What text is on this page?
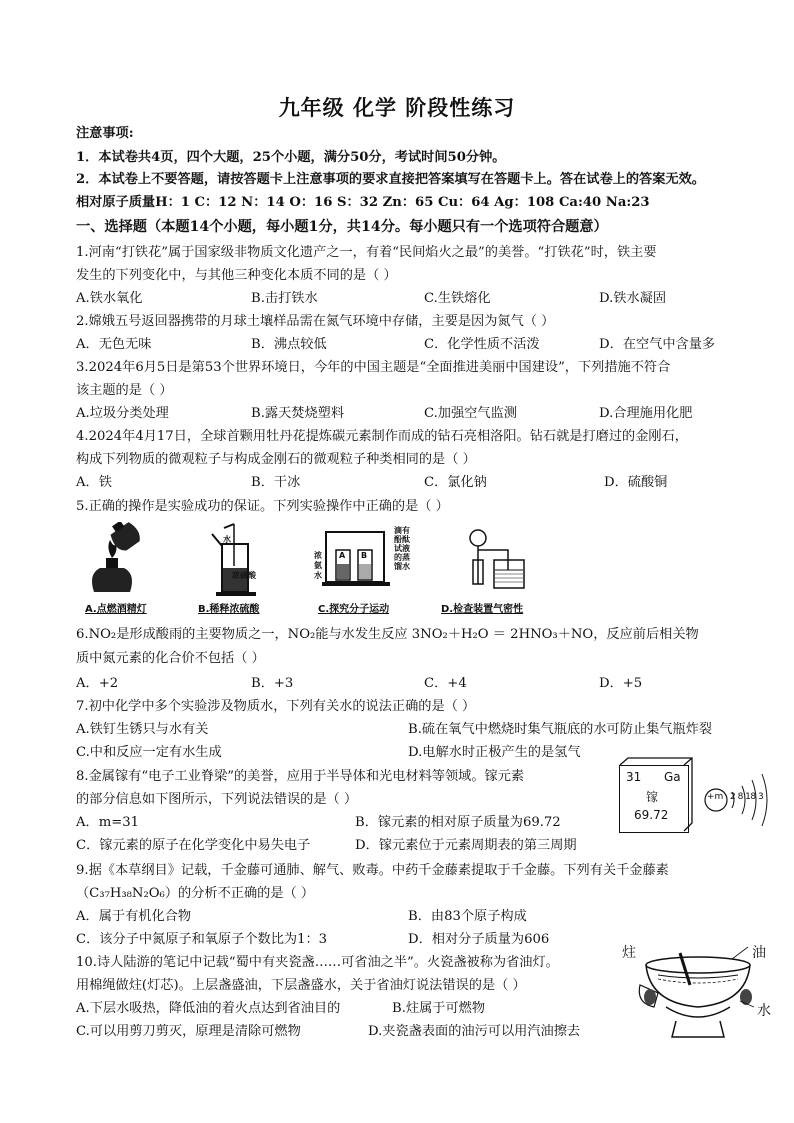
九年级 化学 阶段性练习
注意事项:
1．本试卷共4页，四个大题，25个小题，满分50分，考试时间50分钟。
2．本试卷上不要答题，请按答题卡上注意事项的要求直接把答案填写在答题卡上。答在试卷上的答案无效。
相对原子质量H：1 C：12 N：14 O：16 S：32 Zn：65 Cu：64 Ag：108 Ca:40 Na:23
一、选择题（本题14个小题，每小题1分，共14分。每小题只有一个选项符合题意）
1.河南“打铁花”属于国家级非物质文化遗产之一，有着“民间焰火之最”的美誉。“打铁花”时，铁主要
发生的下列变化中，与其他三种变化本质不同的是（ ）
A.铁水氧化	B.击打铁水	C.生铁熔化	D.铁水凝固
2.嫦娥五号返回器携带的月球土壤样品需在氮气环境中存储，主要是因为氮气（ ）
A．无色无味	B．沸点较低	C．化学性质不活泼	D．在空气中含量多
3.2024年6月5日是第53个世界环境日，今年的中国主题是“全面推进美丽中国建设”，下列措施不符合
该主题的是（ ）
A.垃圾分类处理	B.露天焚烧塑料	C.加强空气监测	D.合理施用化肥
4.2024年4月17日，全球首颗用牡丹花提炼碳元素制作而成的钻石亮相洛阳。钻石就是打磨过的金刚石，
构成下列物质的微观粒子与构成金刚石的微观粒子种类相同的是（ ）
A．铁	B．干冰	C．氯化钠	D．硫酸铜
5.正确的操作是实验成功的保证。下列实验操作中正确的是（ ）
A.点燃酒精灯
水
浓硫酸
B.稀释浓硫酸
A B
浓
氨
水
滴有酚酞试液的蒸馏水
C.探究分子运动	D.检查装置气密性
6.NO₂是形成酸雨的主要物质之一，NO₂能与水发生反应 3NO₂＋H₂O ＝ 2HNO₃＋NO，反应前后相关物
质中氮元素的化合价不包括（ ）
A．+2	B．+3	C．+4	D．+5
7.初中化学中多个实验涉及物质水，下列有关水的说法正确的是（ ）
A.铁钉生锈只与水有关	B.硫在氧气中燃烧时集气瓶底的水可防止集气瓶炸裂
C.中和反应一定有水生成	D.电解水时正极产生的是氢气
8.金属镓有“电子工业脊梁”的美誉，应用于半导体和光电材料等领域。镓元素
的部分信息如下图所示，下列说法错误的是（ ）
A．m=31	B．镓元素的相对原子质量为69.72
C．镓元素的原子在化学变化中易失电子	D．镓元素位于元素周期表的第三周期
31 Ga
镓
69.72
+m 2 8 18 3
9.据《本草纲目》记载，千金藤可通肺、解气、败毒。中药千金藤素提取于千金藤。下列有关千金藤素
（C₃₇H₃₈N₂O₆）的分析不正确的是（ ）
A．属于有机化合物	B．由83个原子构成
C．该分子中氮原子和氧原子个数比为1：3	D．相对分子质量为606
10.诗人陆游的笔记中记载“蜀中有夹瓷盏……可省油之半”。火瓷盏被称为省油灯。
用棉绳做炷(灯芯)。上层盏盛油，下层盏盛水，关于省油灯说法错误的是（ ）
A.下层水吸热，降低油的着火点达到省油目的	B.炷属于可燃物
C.可以用剪刀剪灭，原理是清除可燃物	D.夹瓷盏表面的油污可以用汽油擦去
炷	油
水
